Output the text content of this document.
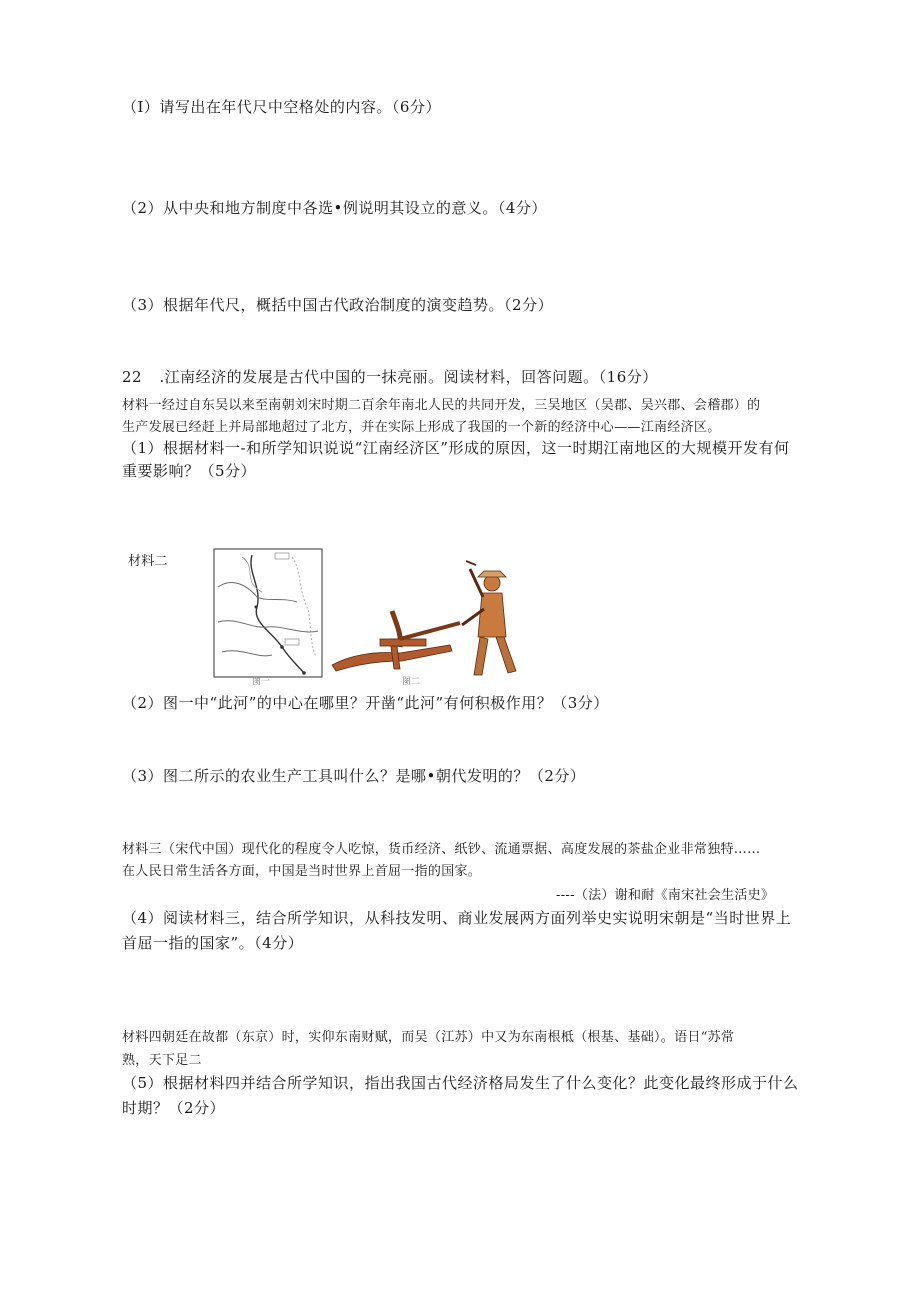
（I）请写出在年代尺中空格处的内容。（6分）
（2）从中央和地方制度中各选•例说明其设立的意义。（4分）
（3）根据年代尺，概括中国古代政治制度的演变趋势。（2分）
22 .江南经济的发展是古代中国的一抹亮丽。阅读材料，回答问题。（16分）
材料一经过自东吴以来至南朝刘宋时期二百余年南北人民的共同开发，三吴地区（吴郡、吴兴郡、会稽郡）的
生产发展已经赶上并局部地超过了北方，并在实际上形成了我国的一个新的经济中心——江南经济区。
（1）根据材料一-和所学知识说说“江南经济区”形成的原因，这一时期江南地区的大规模开发有何
重要影响？（5分）
材料二
图一	图二
（2）图一中“此河”的中心在哪里？开凿“此河”有何积极作用？（3分）
（3）图二所示的农业生产工具叫什么？是哪•朝代发明的？（2分）
材料三（宋代中国）现代化的程度令人吃惊，货币经济、纸钞、流通票据、高度发展的茶盐企业非常独特……
在人民日常生活各方面，中国是当时世界上首屈一指的国家。
----（法）谢和耐《南宋社会生活史》
（4）阅读材料三，结合所学知识，从科技发明、商业发展两方面列举史实说明宋朝是“当时世界上
首屈一指的国家”。（4分）
材料四朝廷在故都（东京）时，实仰东南财赋，而吴（江苏）中又为东南根柢（根基、基础）。语日“苏常
熟，天下足二
（5）根据材料四并结合所学知识，指出我国古代经济格局发生了什么变化？此变化最终形成于什么
时期？（2分）
